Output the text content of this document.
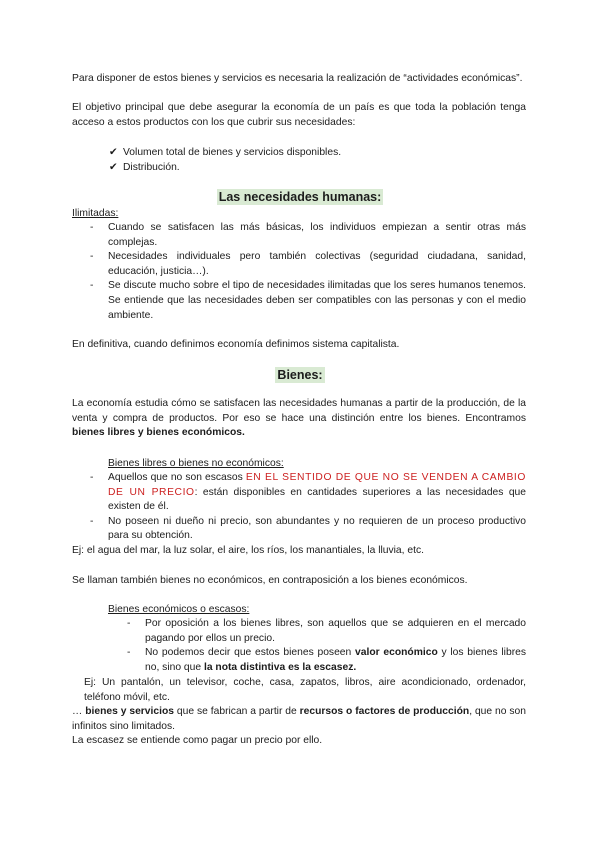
Para disponer de estos bienes y servicios es necesaria la realización de “actividades económicas”.
El objetivo principal que debe asegurar la economía de un país es que toda la población tenga acceso a estos productos con los que cubrir sus necesidades:
✔ Volumen total de bienes y servicios disponibles.
✔ Distribución.
Las necesidades humanas:
Ilimitadas:
- Cuando se satisfacen las más básicas, los individuos empiezan a sentir otras más complejas.
- Necesidades individuales pero también colectivas (seguridad ciudadana, sanidad, educación, justicia…).
- Se discute mucho sobre el tipo de necesidades ilimitadas que los seres humanos tenemos. Se entiende que las necesidades deben ser compatibles con las personas y con el medio ambiente.
En definitiva, cuando definimos economía definimos sistema capitalista.
Bienes:
La economía estudia cómo se satisfacen las necesidades humanas a partir de la producción, de la venta y compra de productos. Por eso se hace una distinción entre los bienes. Encontramos bienes libres y bienes económicos.
Bienes libres o bienes no económicos:
- Aquellos que no son escasos EN EL SENTIDO DE QUE NO SE VENDEN A CAMBIO DE UN PRECIO: están disponibles en cantidades superiores a las necesidades que existen de él.
- No poseen ni dueño ni precio, son abundantes y no requieren de un proceso productivo para su obtención.
Ej: el agua del mar, la luz solar, el aire, los ríos, los manantiales, la lluvia, etc.
Se llaman también bienes no económicos, en contraposición a los bienes económicos.
Bienes económicos o escasos:
- Por oposición a los bienes libres, son aquellos que se adquieren en el mercado pagando por ellos un precio.
- No podemos decir que estos bienes poseen valor económico y los bienes libres no, sino que la nota distintiva es la escasez.
Ej: Un pantalón, un televisor, coche, casa, zapatos, libros, aire acondicionado, ordenador, teléfono móvil, etc.
… bienes y servicios que se fabrican a partir de recursos o factores de producción, que no son infinitos sino limitados.
La escasez se entiende como pagar un precio por ello.
